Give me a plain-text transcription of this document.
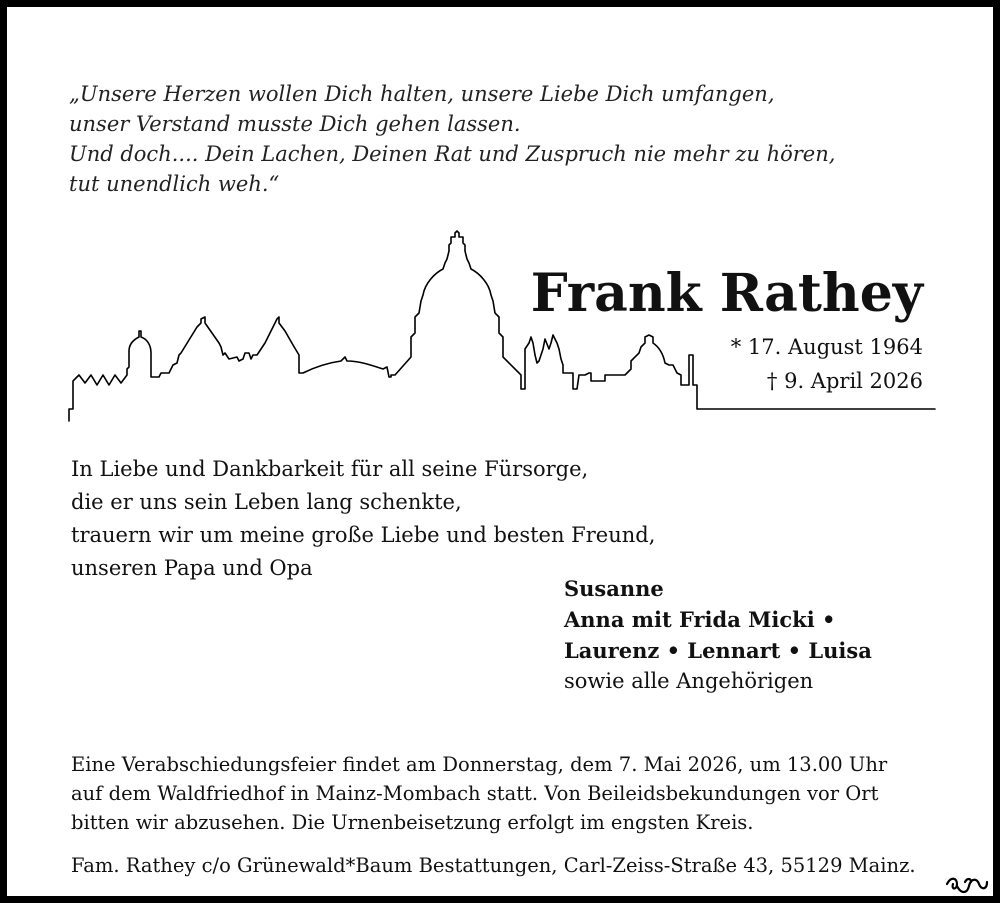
„Unsere Herzen wollen Dich halten, unsere Liebe Dich umfangen,
unser Verstand musste Dich gehen lassen.
Und doch.... Dein Lachen, Deinen Rat und Zuspruch nie mehr zu hören,
tut unendlich weh.“
Frank Rathey
* 17. August 1964
† 9. April 2026
In Liebe und Dankbarkeit für all seine Fürsorge,
die er uns sein Leben lang schenkte,
trauern wir um meine große Liebe und besten Freund,
unseren Papa und Opa
Susanne
Anna mit Frida Micki •
Laurenz • Lennart • Luisa
sowie alle Angehörigen
Eine Verabschiedungsfeier findet am Donnerstag, dem 7. Mai 2026, um 13.00 Uhr
auf dem Waldfriedhof in Mainz-Mombach statt. Von Beileidsbekundungen vor Ort
bitten wir abzusehen. Die Urnenbeisetzung erfolgt im engsten Kreis.
Fam. Rathey c/o Grünewald*Baum Bestattungen, Carl-Zeiss-Straße 43, 55129 Mainz.
